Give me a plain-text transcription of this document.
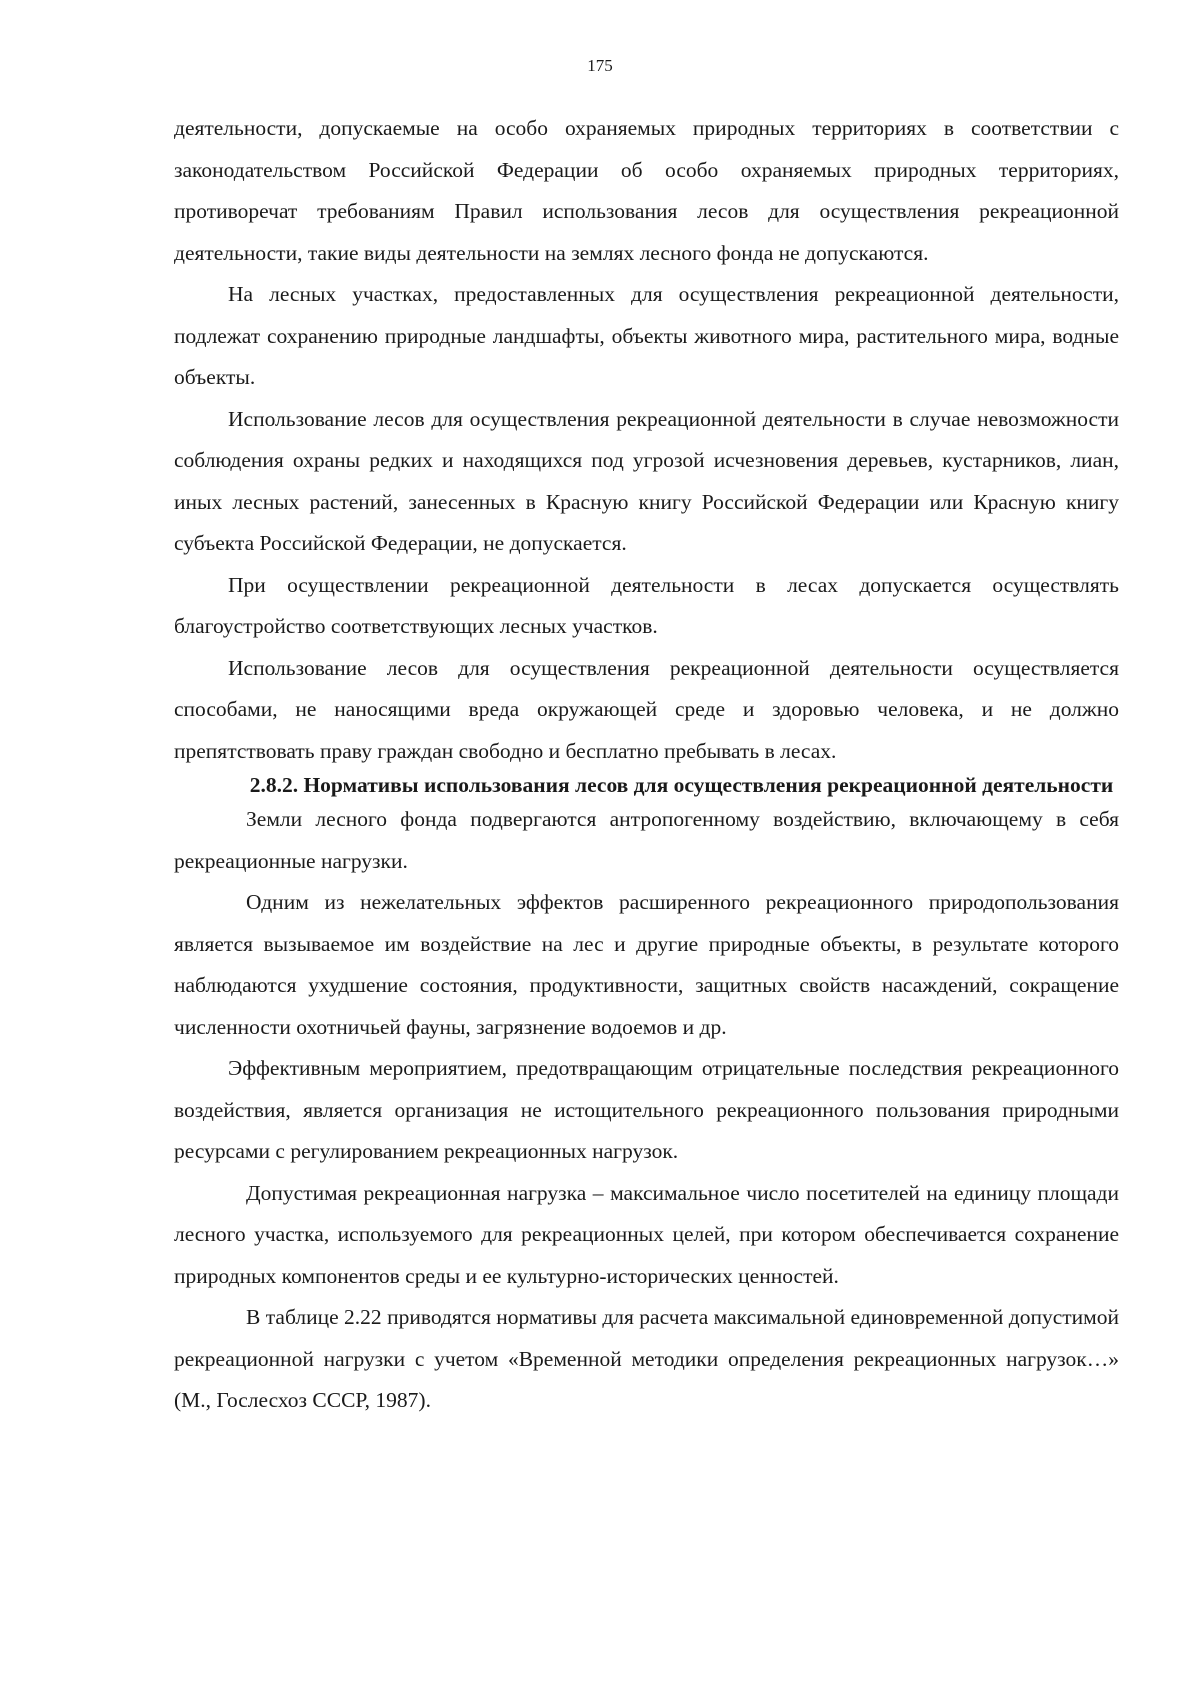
175

деятельности, допускаемые на особо охраняемых природных территориях в соответствии с законодательством Российской Федерации об особо охраняемых природных территориях, противоречат требованиям Правил использования лесов для осуществления рекреационной деятельности, такие виды деятельности на землях лесного фонда не допускаются.

На лесных участках, предоставленных для осуществления рекреационной деятельности, подлежат сохранению природные ландшафты, объекты животного мира, растительного мира, водные объекты.

Использование лесов для осуществления рекреационной деятельности в случае невозможности соблюдения охраны редких и находящихся под угрозой исчезновения деревьев, кустарников, лиан, иных лесных растений, занесенных в Красную книгу Российской Федерации или Красную книгу субъекта Российской Федерации, не допускается.

При осуществлении рекреационной деятельности в лесах допускается осуществлять благоустройство соответствующих лесных участков.

Использование лесов для осуществления рекреационной деятельности осуществляется способами, не наносящими вреда окружающей среде и здоровью человека, и не должно препятствовать праву граждан свободно и бесплатно пребывать в лесах.

2.8.2. Нормативы использования лесов для осуществления рекреационной деятельности

Земли лесного фонда подвергаются антропогенному воздействию, включающему в себя рекреационные нагрузки.

Одним из нежелательных эффектов расширенного рекреационного природопользования является вызываемое им воздействие на лес и другие природные объекты, в результате которого наблюдаются ухудшение состояния, продуктивности, защитных свойств насаждений, сокращение численности охотничьей фауны, загрязнение водоемов и др.

Эффективным мероприятием, предотвращающим отрицательные последствия рекреационного воздействия, является организация не истощительного рекреационного пользования природными ресурсами с регулированием рекреационных нагрузок.

Допустимая рекреационная нагрузка – максимальное число посетителей на единицу площади лесного участка, используемого для рекреационных целей, при котором обеспечивается сохранение природных компонентов среды и ее культурно-исторических ценностей.

В таблице 2.22 приводятся нормативы для расчета максимальной единовременной допустимой рекреационной нагрузки с учетом «Временной методики определения рекреационных нагрузок…» (М., Гослесхоз СССР, 1987).
